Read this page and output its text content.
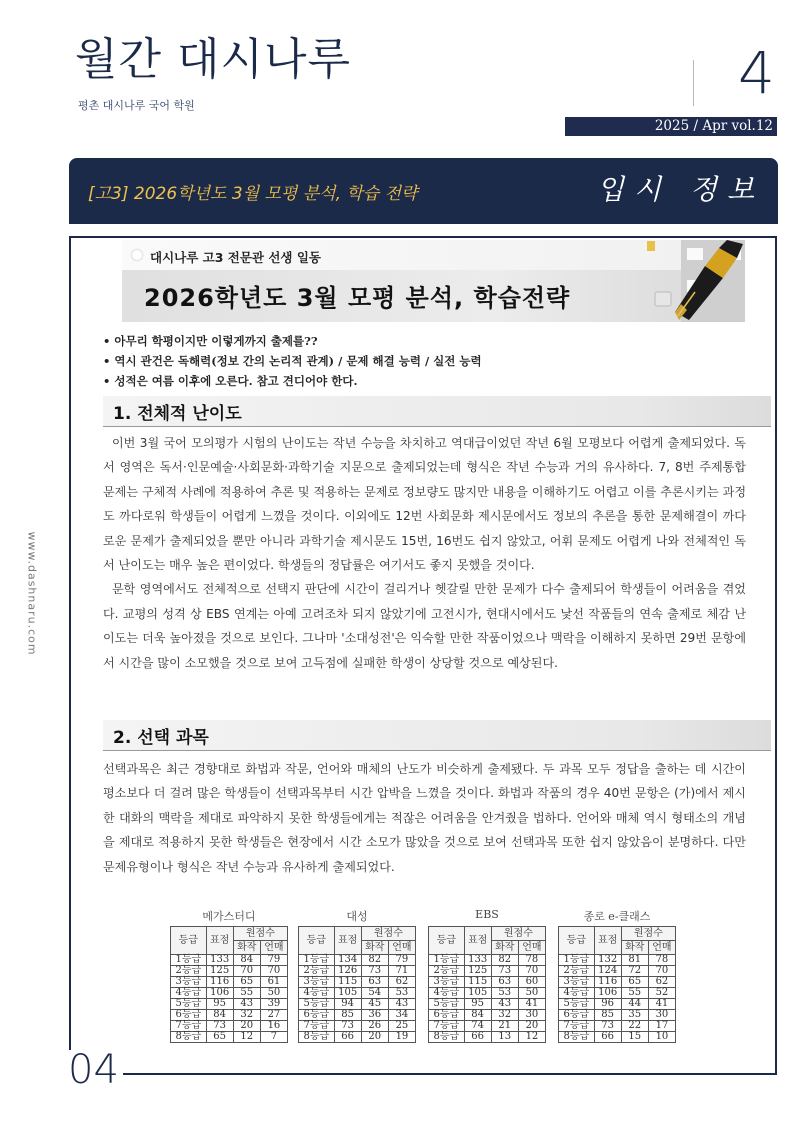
월간 대시나루
평촌 대시나루 국어 학원	4
2025 / Apr vol.12
[고3] 2026학년도 3월 모평 분석, 학습 전략	입시 정보
www.dashnaru.com
대시나루 고3 전문관 선생 일동
2026학년도 3월 모평 분석, 학습전략
• 아무리 학평이지만 이렇게까지 출제를??
• 역시 관건은 독해력(정보 간의 논리적 관계) / 문제 해결 능력 / 실전 능력
• 성적은 여름 이후에 오른다. 참고 견디어야 한다.
1. 전체적 난이도

이번 3월 국어 모의평가 시험의 난이도는 작년 수능을 차치하고 역대급이었던 작년 6월 모평보다 어렵게 출제되었다. 독서 영역은 독서·인문예술·사회문화·과학기술 지문으로 출제되었는데 형식은 작년 수능과 거의 유사하다. 7, 8번 주제통합 문제는 구체적 사례에 적용하여 추론 및 적용하는 문제로 정보량도 많지만 내용을 이해하기도 어렵고 이를 추론시키는 과정도 까다로워 학생들이 어렵게 느꼈을 것이다. 이외에도 12번 사회문화 제시문에서도 정보의 추론을 통한 문제해결이 까다로운 문제가 출제되었을 뿐만 아니라 과학기술 제시문도 15번, 16번도 쉽지 않았고, 어휘 문제도 어렵게 나와 전체적인 독서 난이도는 매우 높은 편이었다. 학생들의 정답률은 여기서도 좋지 못했을 것이다.

문학 영역에서도 전체적으로 선택지 판단에 시간이 걸리거나 헷갈릴 만한 문제가 다수 출제되어 학생들이 어려움을 겪었다. 교평의 성격 상 EBS 연계는 아예 고려조차 되지 않았기에 고전시가, 현대시에서도 낯선 작품들의 연속 출제로 체감 난이도는 더욱 높아졌을 것으로 보인다. 그나마 '소대성전'은 익숙할 만한 작품이었으나 맥락을 이해하지 못하면 29번 문항에서 시간을 많이 소모했을 것으로 보여 고득점에 실패한 학생이 상당할 것으로 예상된다.

2. 선택 과목

선택과목은 최근 경향대로 화법과 작문, 언어와 매체의 난도가 비슷하게 출제됐다. 두 과목 모두 정답을 출하는 데 시간이 평소보다 더 걸려 많은 학생들이 선택과목부터 시간 압박을 느꼈을 것이다. 화법과 작품의 경우 40번 문항은 (가)에서 제시한 대화의 맥락을 제대로 파악하지 못한 학생들에게는 적잖은 어려움을 안겨줬을 법하다. 언어와 매체 역시 형태소의 개념을 제대로 적용하지 못한 학생들은 현장에서 시간 소모가 많았을 것으로 보여 선택과목 또한 쉽지 않았음이 분명하다. 다만 문제유형이나 형식은 작년 수능과 유사하게 출제되었다.

메가스터디
등급	표점	원점수	
		화작	언매
1등급	133	84	79
2등급	125	70	70
3등급	116	65	61
4등급	106	55	50
5등급	95	43	39
6등급	84	32	27
7등급	73	20	16
8등급	65	12	7
대성
등급	표점	원점수	
		화작	언매
1등급	134	82	79
2등급	126	73	71
3등급	115	63	62
4등급	105	54	53
5등급	94	45	43
6등급	85	36	34
7등급	73	26	25
8등급	66	20	19
EBS
등급	표점	원점수	
		화작	언매
1등급	133	82	78
2등급	125	73	70
3등급	115	63	60
4등급	105	53	50
5등급	95	43	41
6등급	84	32	30
7등급	74	21	20
8등급	66	13	12
종로 e-클래스
등급	표점	원점수	
		화작	언매
1등급	132	81	78
2등급	124	72	70
3등급	116	65	62
4등급	106	55	52
5등급	96	44	41
6등급	85	35	30
7등급	73	22	17
8등급	66	15	10
04
